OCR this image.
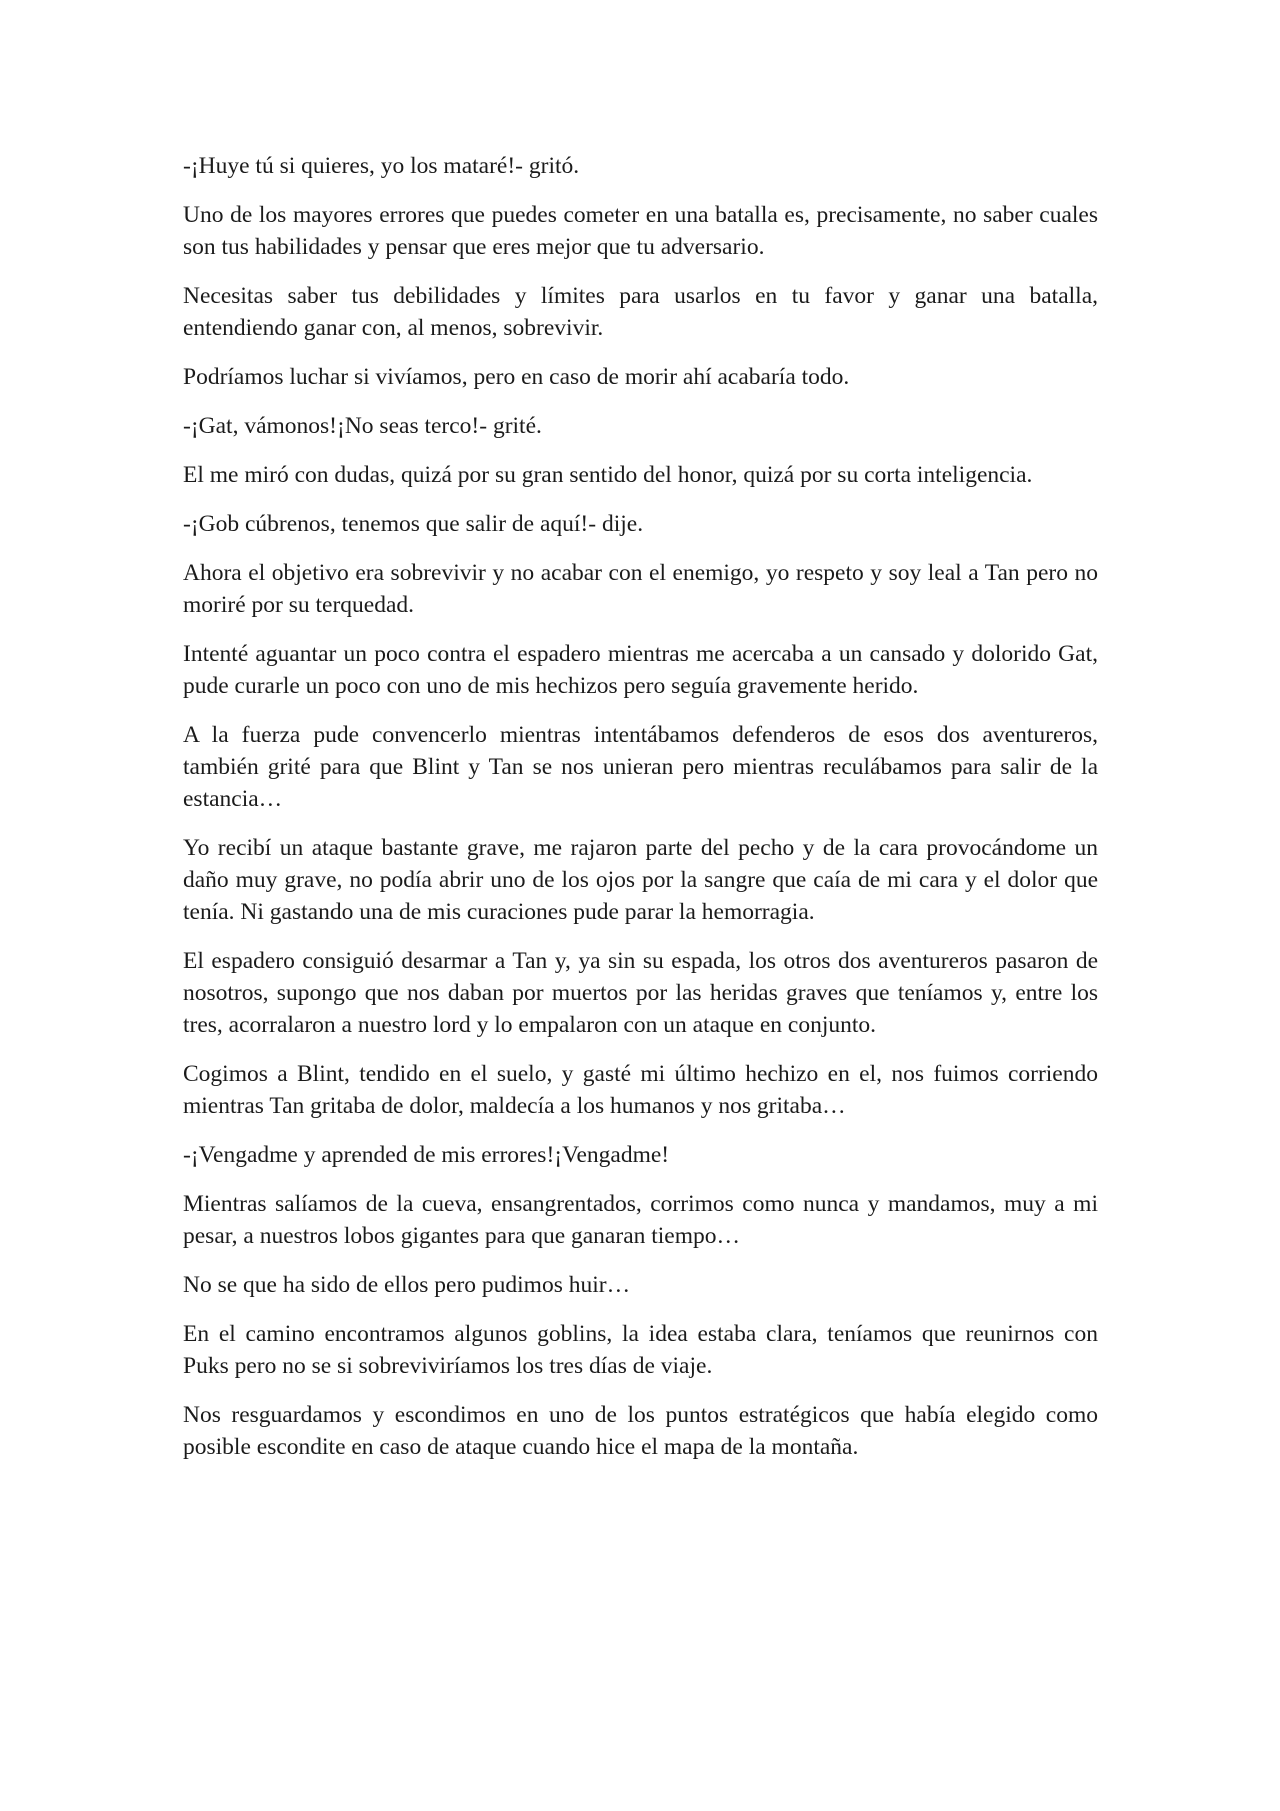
-¡Huye tú si quieres, yo los mataré!- gritó.

Uno de los mayores errores que puedes cometer en una batalla es, precisamente, no saber cuales son tus habilidades y pensar que eres mejor que tu adversario.

Necesitas saber tus debilidades y límites para usarlos en tu favor y ganar una batalla, entendiendo ganar con, al menos, sobrevivir.

Podríamos luchar si vivíamos, pero en caso de morir ahí acabaría todo.

-¡Gat, vámonos!¡No seas terco!- grité.

El me miró con dudas, quizá por su gran sentido del honor, quizá por su corta inteligencia.

-¡Gob cúbrenos, tenemos que salir de aquí!- dije.

Ahora el objetivo era sobrevivir y no acabar con el enemigo, yo respeto y soy leal a Tan pero no moriré por su terquedad.

Intenté aguantar un poco contra el espadero mientras me acercaba a un cansado y dolorido Gat, pude curarle un poco con uno de mis hechizos pero seguía gravemente herido.

A la fuerza pude convencerlo mientras intentábamos defenderos de esos dos aventureros, también grité para que Blint y Tan se nos unieran pero mientras reculábamos para salir de la estancia…

Yo recibí un ataque bastante grave, me rajaron parte del pecho y de la cara provocándome un daño muy grave, no podía abrir uno de los ojos por la sangre que caía de mi cara y el dolor que tenía. Ni gastando una de mis curaciones pude parar la hemorragia.

El espadero consiguió desarmar a Tan y, ya sin su espada, los otros dos aventureros pasaron de nosotros, supongo que nos daban por muertos por las heridas graves que teníamos y, entre los tres, acorralaron a nuestro lord y lo empalaron con un ataque en conjunto.

Cogimos a Blint, tendido en el suelo, y gasté mi último hechizo en el, nos fuimos corriendo mientras Tan gritaba de dolor, maldecía a los humanos y nos gritaba…

-¡Vengadme y aprended de mis errores!¡Vengadme!

Mientras salíamos de la cueva, ensangrentados, corrimos como nunca y mandamos, muy a mi pesar, a nuestros lobos gigantes para que ganaran tiempo…

No se que ha sido de ellos pero pudimos huir…

En el camino encontramos algunos goblins, la idea estaba clara, teníamos que reunirnos con Puks pero no se si sobreviviríamos los tres días de viaje.

Nos resguardamos y escondimos en uno de los puntos estratégicos que había elegido como posible escondite en caso de ataque cuando hice el mapa de la montaña.
